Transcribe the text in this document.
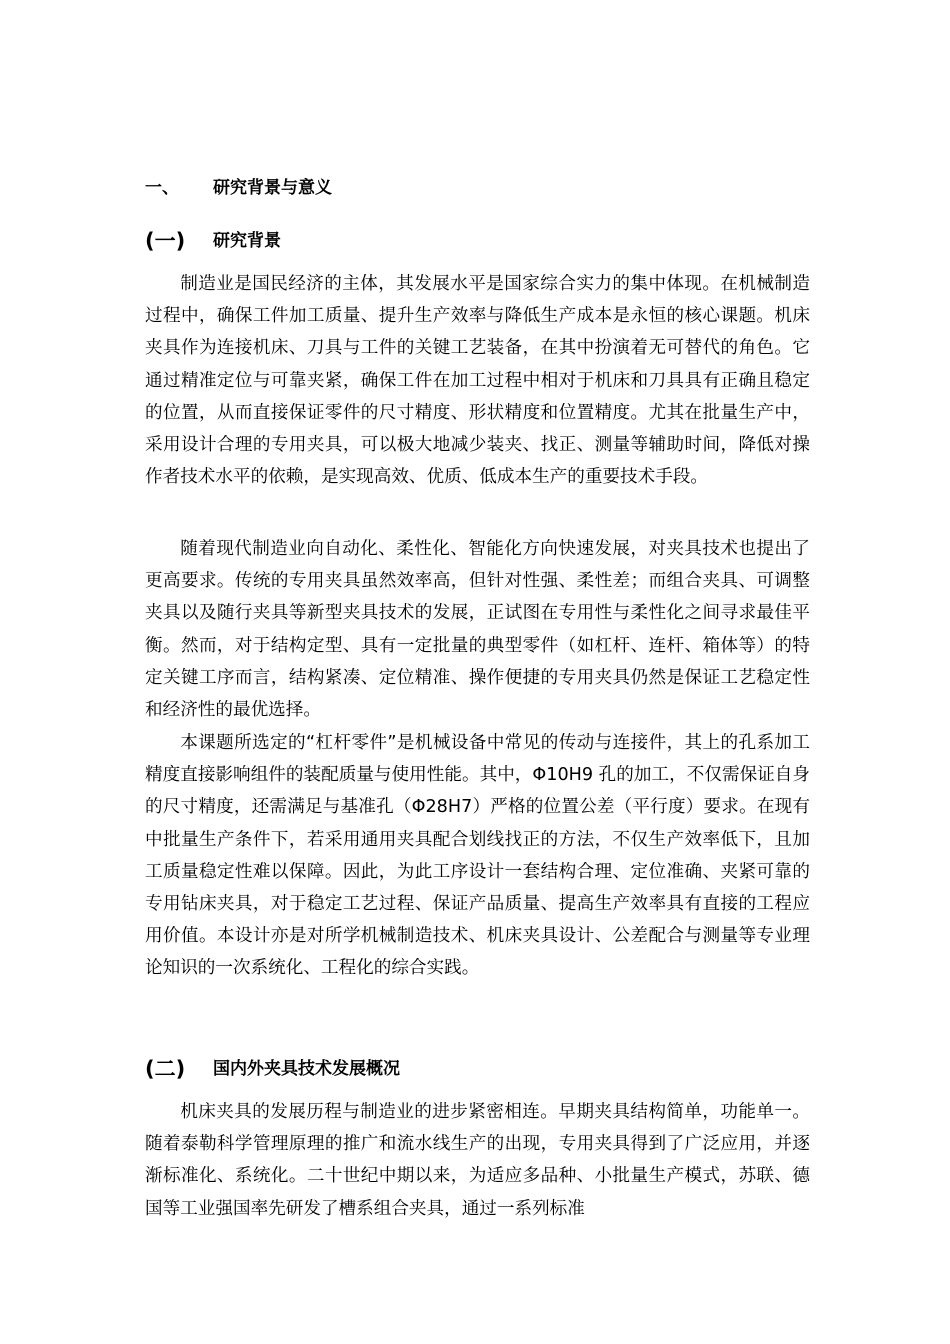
一、 研究背景与意义
(一) 研究背景

制造业是国民经济的主体，其发展水平是国家综合实力的集中体现。在机械制造过程中，确保工件加工质量、提升生产效率与降低生产成本是永恒的核心课题。机床夹具作为连接机床、刀具与工件的关键工艺装备，在其中扮演着无可替代的角色。它通过精准定位与可靠夹紧，确保工件在加工过程中相对于机床和刀具具有正确且稳定的位置，从而直接保证零件的尺寸精度、形状精度和位置精度。尤其在批量生产中，采用设计合理的专用夹具，可以极大地减少装夹、找正、测量等辅助时间，降低对操作者技术水平的依赖，是实现高效、优质、低成本生产的重要技术手段。

随着现代制造业向自动化、柔性化、智能化方向快速发展，对夹具技术也提出了更高要求。传统的专用夹具虽然效率高，但针对性强、柔性差；而组合夹具、可调整夹具以及随行夹具等新型夹具技术的发展，正试图在专用性与柔性化之间寻求最佳平衡。然而，对于结构定型、具有一定批量的典型零件（如杠杆、连杆、箱体等）的特定关键工序而言，结构紧凑、定位精准、操作便捷的专用夹具仍然是保证工艺稳定性和经济性的最优选择。

本课题所选定的“杠杆零件”是机械设备中常见的传动与连接件，其上的孔系加工精度直接影响组件的装配质量与使用性能。其中，Φ10H9 孔的加工，不仅需保证自身的尺寸精度，还需满足与基准孔（Φ28H7）严格的位置公差（平行度）要求。在现有中批量生产条件下，若采用通用夹具配合划线找正的方法，不仅生产效率低下，且加工质量稳定性难以保障。因此，为此工序设计一套结构合理、定位准确、夹紧可靠的专用钻床夹具，对于稳定工艺过程、保证产品质量、提高生产效率具有直接的工程应用价值。本设计亦是对所学机械制造技术、机床夹具设计、公差配合与测量等专业理论知识的一次系统化、工程化的综合实践。

(二) 国内外夹具技术发展概况

机床夹具的发展历程与制造业的进步紧密相连。早期夹具结构简单，功能单一。随着泰勒科学管理原理的推广和流水线生产的出现，专用夹具得到了广泛应用，并逐渐标准化、系统化。二十世纪中期以来，为适应多品种、小批量生产模式，苏联、德国等工业强国率先研发了槽系组合夹具，通过一系列标准
